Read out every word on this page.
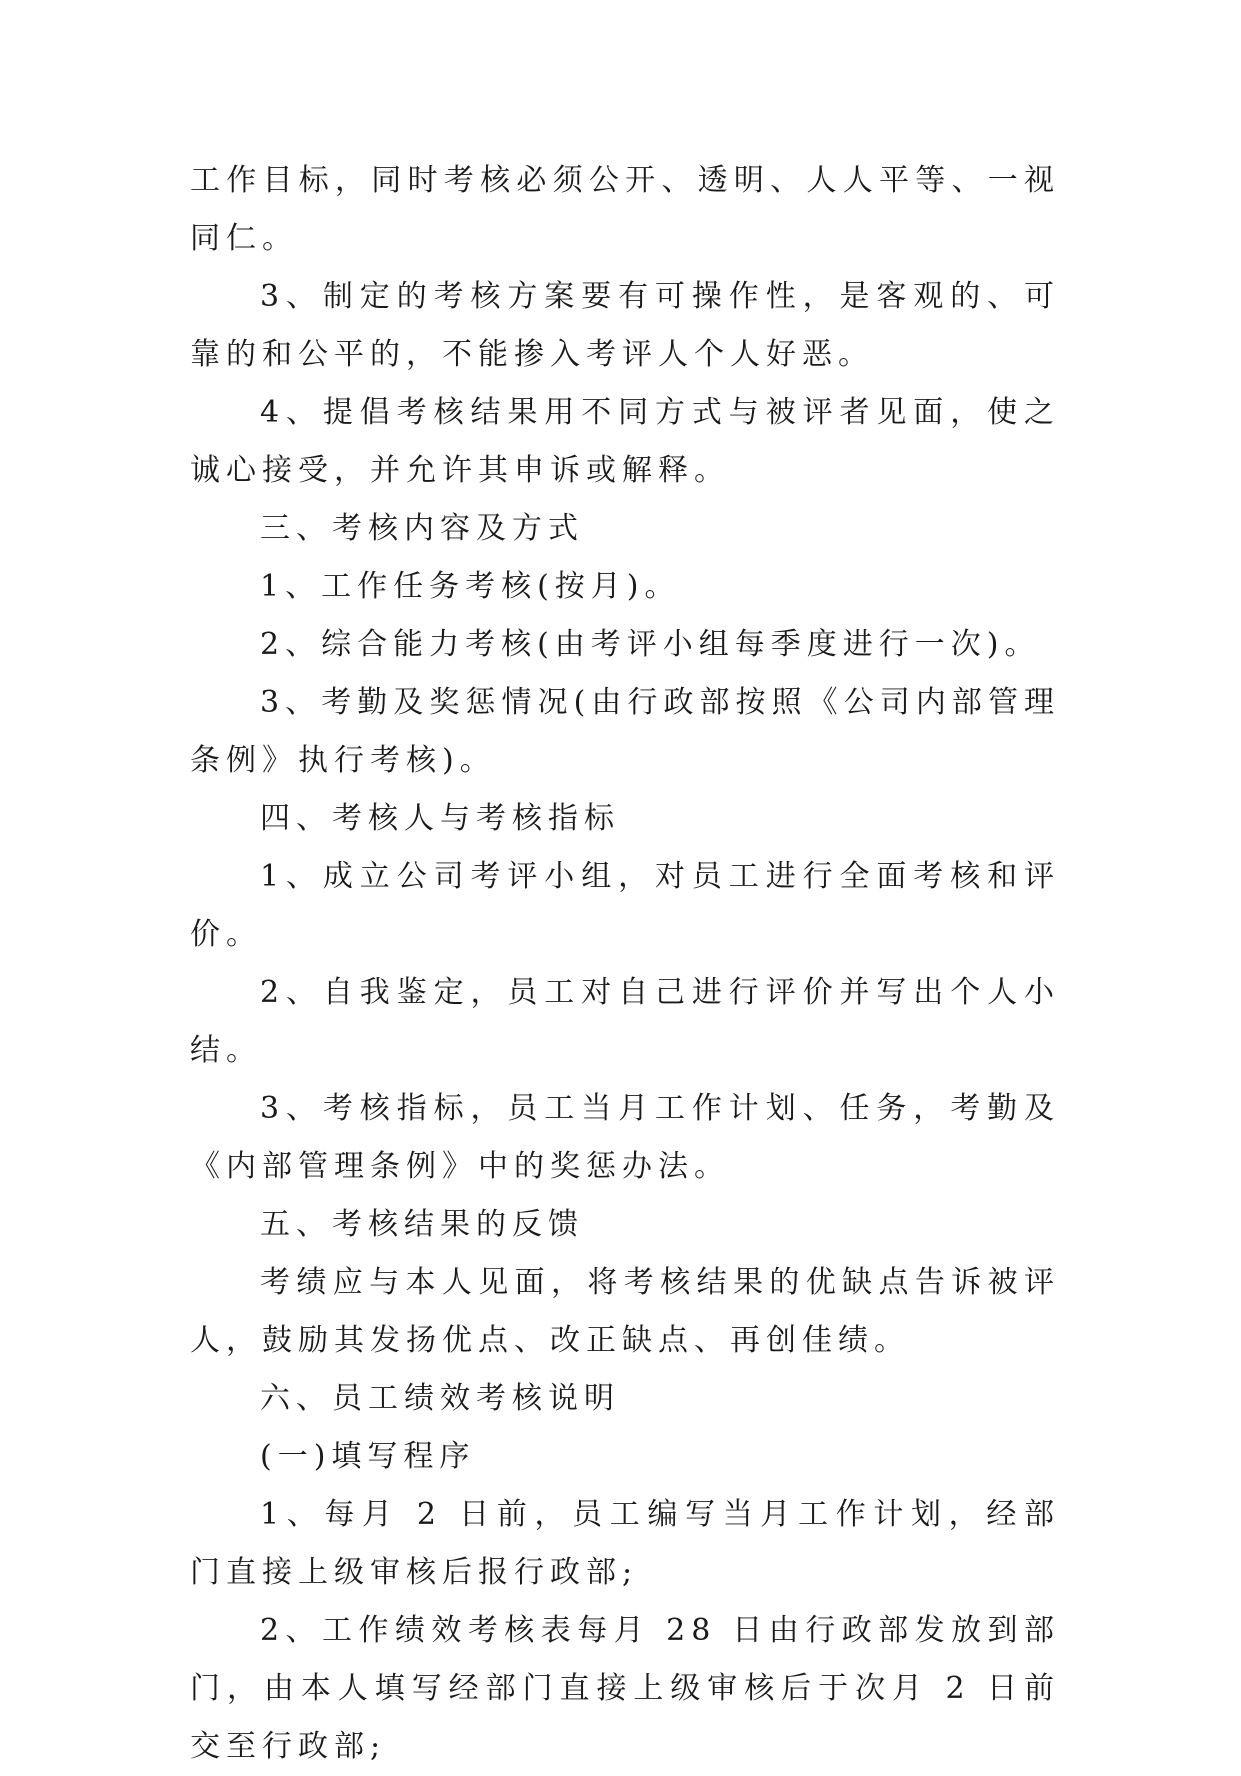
工作目标，同时考核必须公开、透明、人人平等、一视同仁。

3、制定的考核方案要有可操作性，是客观的、可靠的和公平的，不能掺入考评人个人好恶。

4、提倡考核结果用不同方式与被评者见面，使之诚心接受，并允许其申诉或解释。

三、考核内容及方式

1、工作任务考核(按月)。

2、综合能力考核(由考评小组每季度进行一次)。

3、考勤及奖惩情况(由行政部按照《公司内部管理条例》执行考核)。

四、考核人与考核指标

1、成立公司考评小组，对员工进行全面考核和评价。

2、自我鉴定，员工对自己进行评价并写出个人小结。

3、考核指标，员工当月工作计划、任务，考勤及《内部管理条例》中的奖惩办法。

五、考核结果的反馈

考绩应与本人见面，将考核结果的优缺点告诉被评人，鼓励其发扬优点、改正缺点、再创佳绩。

六、员工绩效考核说明

(一)填写程序

1、每月 2 日前，员工编写当月工作计划，经部门直接上级审核后报行政部;

2、工作绩效考核表每月 28 日由行政部发放到部门，由本人填写经部门直接上级审核后于次月 2 日前交至行政部;
